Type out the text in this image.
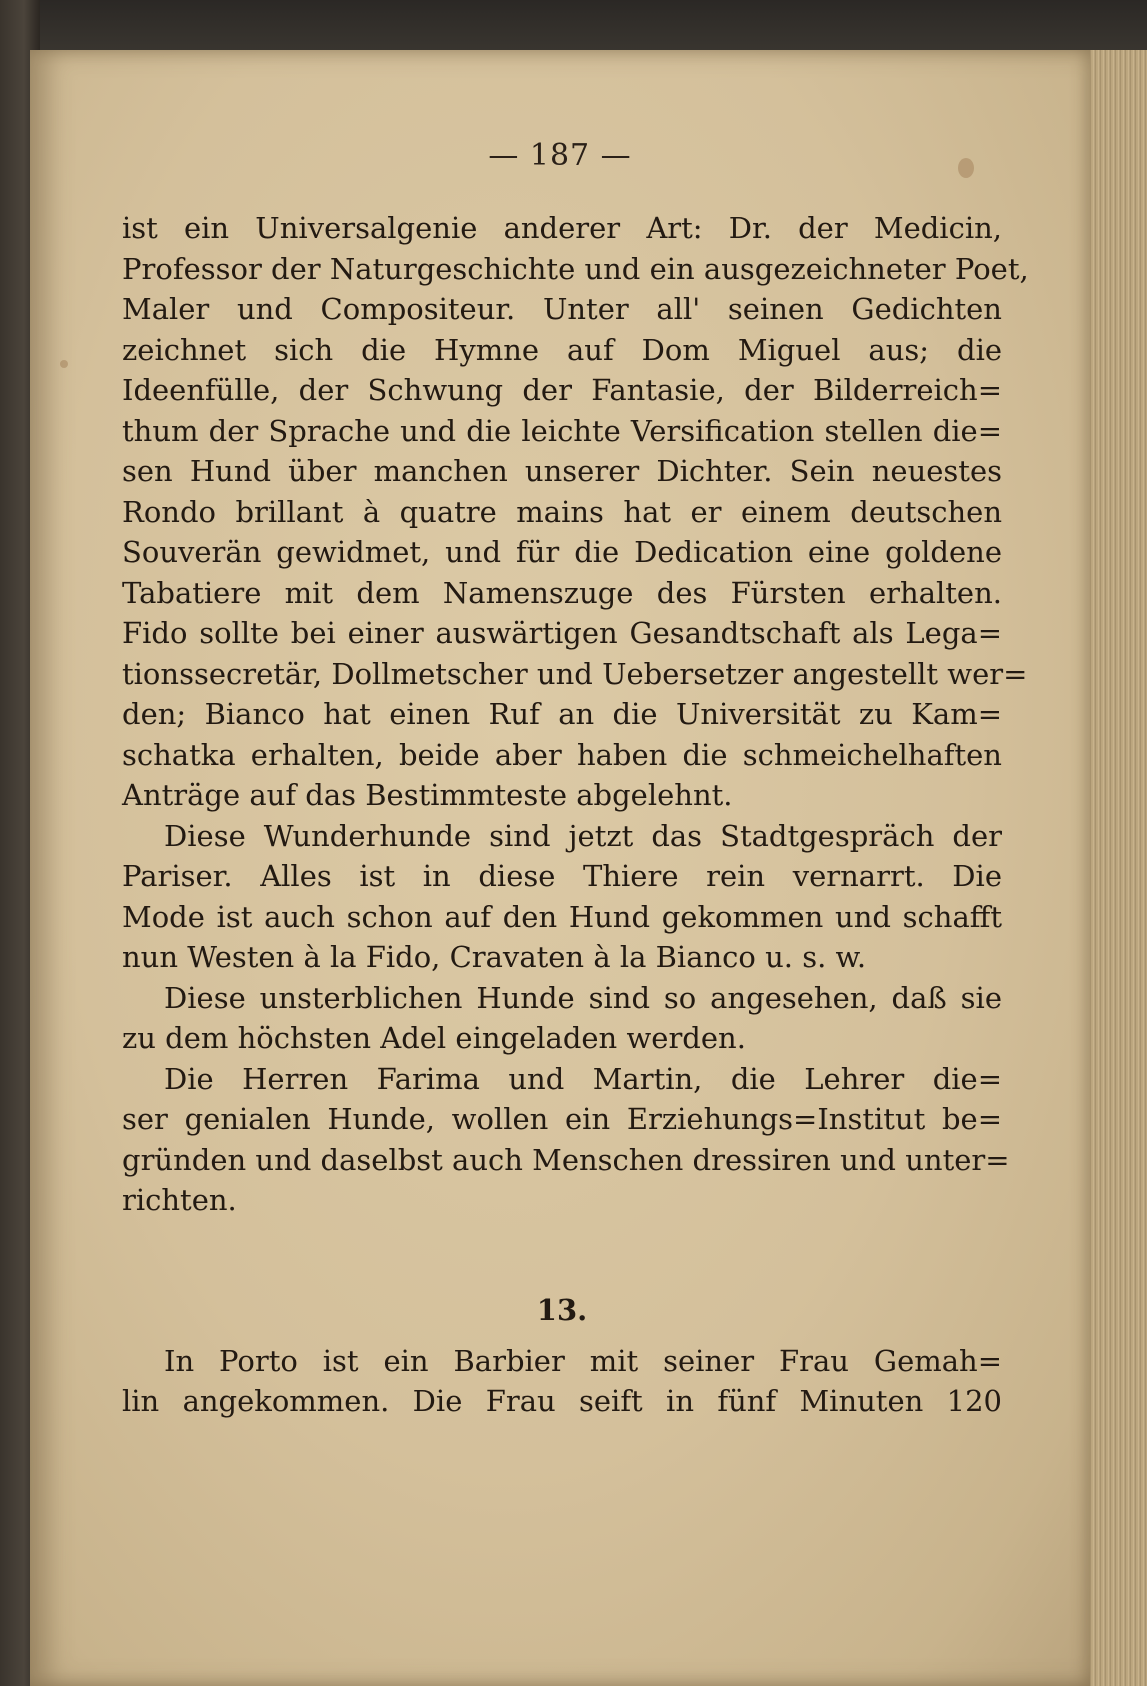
— 187 —
ist ein Universalgenie anderer Art: Dr. der Medicin,
Professor der Naturgeschichte und ein ausgezeichneter Poet,
Maler und Compositeur. Unter all' seinen Gedichten
zeichnet sich die Hymne auf Dom Miguel aus; die
Ideenfülle, der Schwung der Fantasie, der Bilderreich=
thum der Sprache und die leichte Versification stellen die=
sen Hund über manchen unserer Dichter. Sein neuestes
Rondo brillant à quatre mains hat er einem deutschen
Souverän gewidmet, und für die Dedication eine goldene
Tabatiere mit dem Namenszuge des Fürsten erhalten.
Fido sollte bei einer auswärtigen Gesandtschaft als Lega=
tionssecretär, Dollmetscher und Uebersetzer angestellt wer=
den; Bianco hat einen Ruf an die Universität zu Kam=
schatka erhalten, beide aber haben die schmeichelhaften
Anträge auf das Bestimmteste abgelehnt.
Diese Wunderhunde sind jetzt das Stadtgespräch der
Pariser. Alles ist in diese Thiere rein vernarrt. Die
Mode ist auch schon auf den Hund gekommen und schafft
nun Westen à la Fido, Cravaten à la Bianco u. s. w.
Diese unsterblichen Hunde sind so angesehen, daß sie
zu dem höchsten Adel eingeladen werden.
Die Herren Farima und Martin, die Lehrer die=
ser genialen Hunde, wollen ein Erziehungs=Institut be=
gründen und daselbst auch Menschen dressiren und unter=
richten.
13.
In Porto ist ein Barbier mit seiner Frau Gemah=
lin angekommen. Die Frau seift in fünf Minuten 120
